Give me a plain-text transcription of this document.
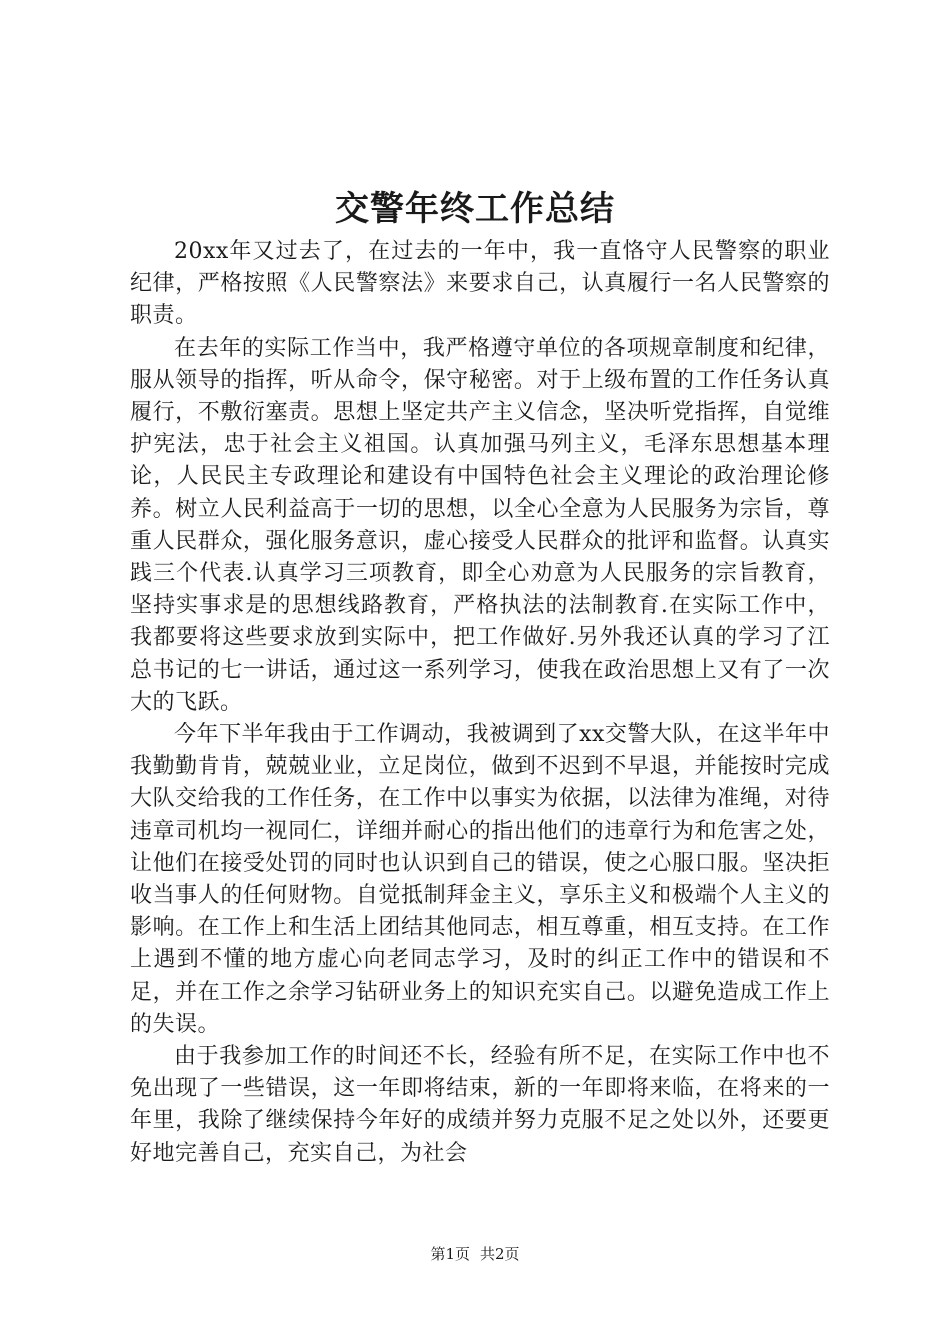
交警年终工作总结

20xx年又过去了，在过去的一年中，我一直恪守人民警察的职业纪律，严格按照《人民警察法》来要求自己，认真履行一名人民警察的职责。

在去年的实际工作当中，我严格遵守单位的各项规章制度和纪律，服从领导的指挥，听从命令，保守秘密。对于上级布置的工作任务认真履行，不敷衍塞责。思想上坚定共产主义信念，坚决听党指挥，自觉维护宪法，忠于社会主义祖国。认真加强马列主义，毛泽东思想基本理论，人民民主专政理论和建设有中国特色社会主义理论的政治理论修养。树立人民利益高于一切的思想，以全心全意为人民服务为宗旨，尊重人民群众，强化服务意识，虚心接受人民群众的批评和监督。认真实践三个代表.认真学习三项教育，即全心劝意为人民服务的宗旨教育，坚持实事求是的思想线路教育，严格执法的法制教育.在实际工作中，我都要将这些要求放到实际中，把工作做好.另外我还认真的学习了江总书记的七一讲话，通过这一系列学习，使我在政治思想上又有了一次大的飞跃。

今年下半年我由于工作调动，我被调到了xx交警大队，在这半年中我勤勤肯肯，兢兢业业，立足岗位，做到不迟到不早退，并能按时完成大队交给我的工作任务，在工作中以事实为依据，以法律为准绳，对待违章司机均一视同仁，详细并耐心的指出他们的违章行为和危害之处，让他们在接受处罚的同时也认识到自己的错误，使之心服口服。坚决拒收当事人的任何财物。自觉抵制拜金主义，享乐主义和极端个人主义的影响。在工作上和生活上团结其他同志，相互尊重，相互支持。在工作上遇到不懂的地方虚心向老同志学习，及时的纠正工作中的错误和不足，并在工作之余学习钻研业务上的知识充实自己。以避免造成工作上的失误。

由于我参加工作的时间还不长，经验有所不足，在实际工作中也不免出现了一些错误，这一年即将结束，新的一年即将来临，在将来的一年里，我除了继续保持今年好的成绩并努力克服不足之处以外，还要更好地完善自己，充实自己，为社会

第1页 共2页
